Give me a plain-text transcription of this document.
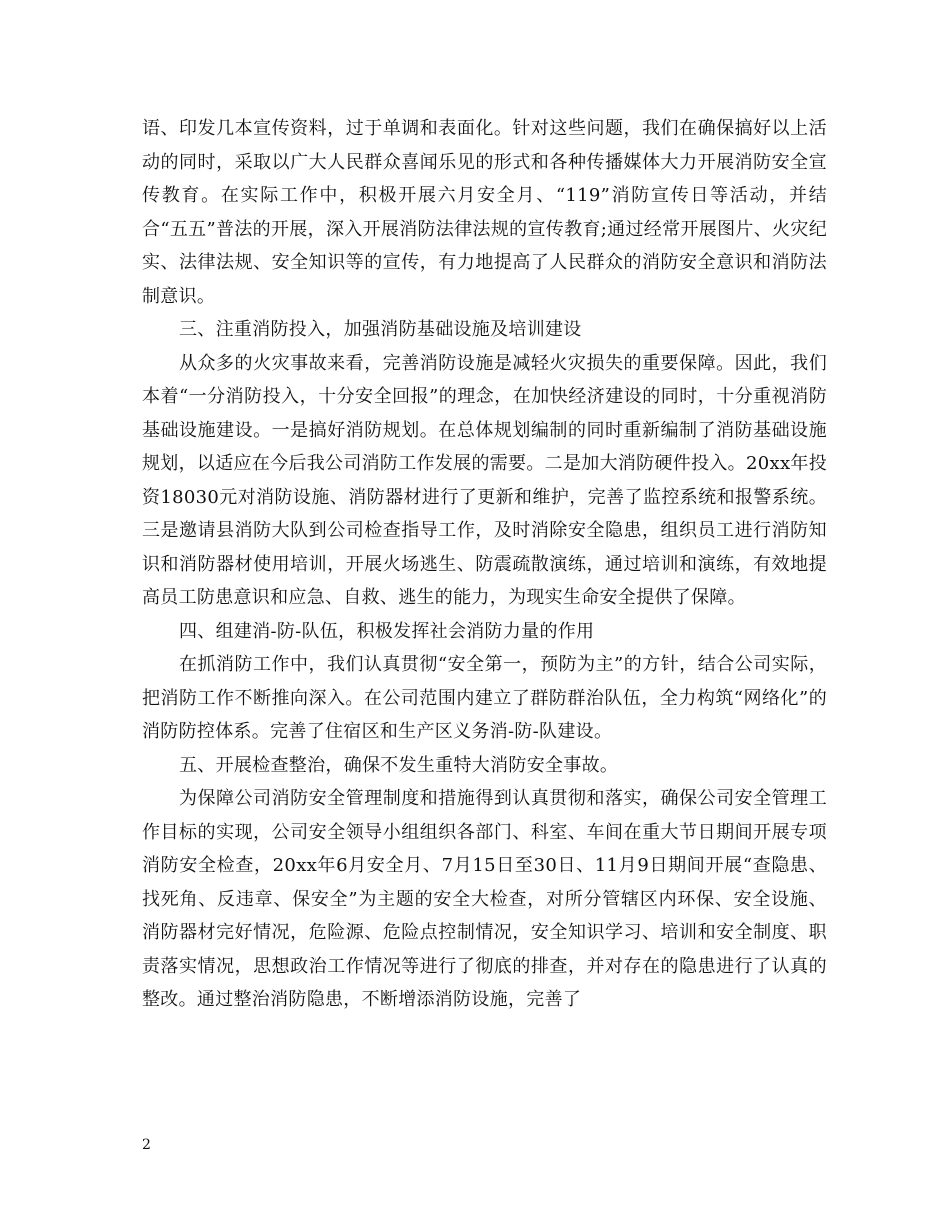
语、印发几本宣传资料，过于单调和表面化。针对这些问题，我们在确保搞好以上活动的同时，采取以广大人民群众喜闻乐见的形式和各种传播媒体大力开展消防安全宣传教育。在实际工作中，积极开展六月安全月、“119”消防宣传日等活动，并结合“五五”普法的开展，深入开展消防法律法规的宣传教育;通过经常开展图片、火灾纪实、法律法规、安全知识等的宣传，有力地提高了人民群众的消防安全意识和消防法制意识。

三、注重消防投入，加强消防基础设施及培训建设

从众多的火灾事故来看，完善消防设施是减轻火灾损失的重要保障。因此，我们本着“一分消防投入，十分安全回报”的理念，在加快经济建设的同时，十分重视消防基础设施建设。一是搞好消防规划。在总体规划编制的同时重新编制了消防基础设施规划，以适应在今后我公司消防工作发展的需要。二是加大消防硬件投入。20xx年投资18030元对消防设施、消防器材进行了更新和维护，完善了监控系统和报警系统。三是邀请县消防大队到公司检查指导工作，及时消除安全隐患，组织员工进行消防知识和消防器材使用培训，开展火场逃生、防震疏散演练，通过培训和演练，有效地提高员工防患意识和应急、自救、逃生的能力，为现实生命安全提供了保障。

四、组建消-防-队伍，积极发挥社会消防力量的作用

在抓消防工作中，我们认真贯彻“安全第一，预防为主”的方针，结合公司实际，把消防工作不断推向深入。在公司范围内建立了群防群治队伍，全力构筑“网络化”的消防防控体系。完善了住宿区和生产区义务消-防-队建设。

五、开展检查整治，确保不发生重特大消防安全事故。

为保障公司消防安全管理制度和措施得到认真贯彻和落实，确保公司安全管理工作目标的实现，公司安全领导小组组织各部门、科室、车间在重大节日期间开展专项消防安全检查，20xx年6月安全月、7月15日至30日、11月9日期间开展“查隐患、找死角、反违章、保安全”为主题的安全大检查，对所分管辖区内环保、安全设施、消防器材完好情况，危险源、危险点控制情况，安全知识学习、培训和安全制度、职责落实情况，思想政治工作情况等进行了彻底的排查，并对存在的隐患进行了认真的整改。通过整治消防隐患，不断增添消防设施，完善了

2
